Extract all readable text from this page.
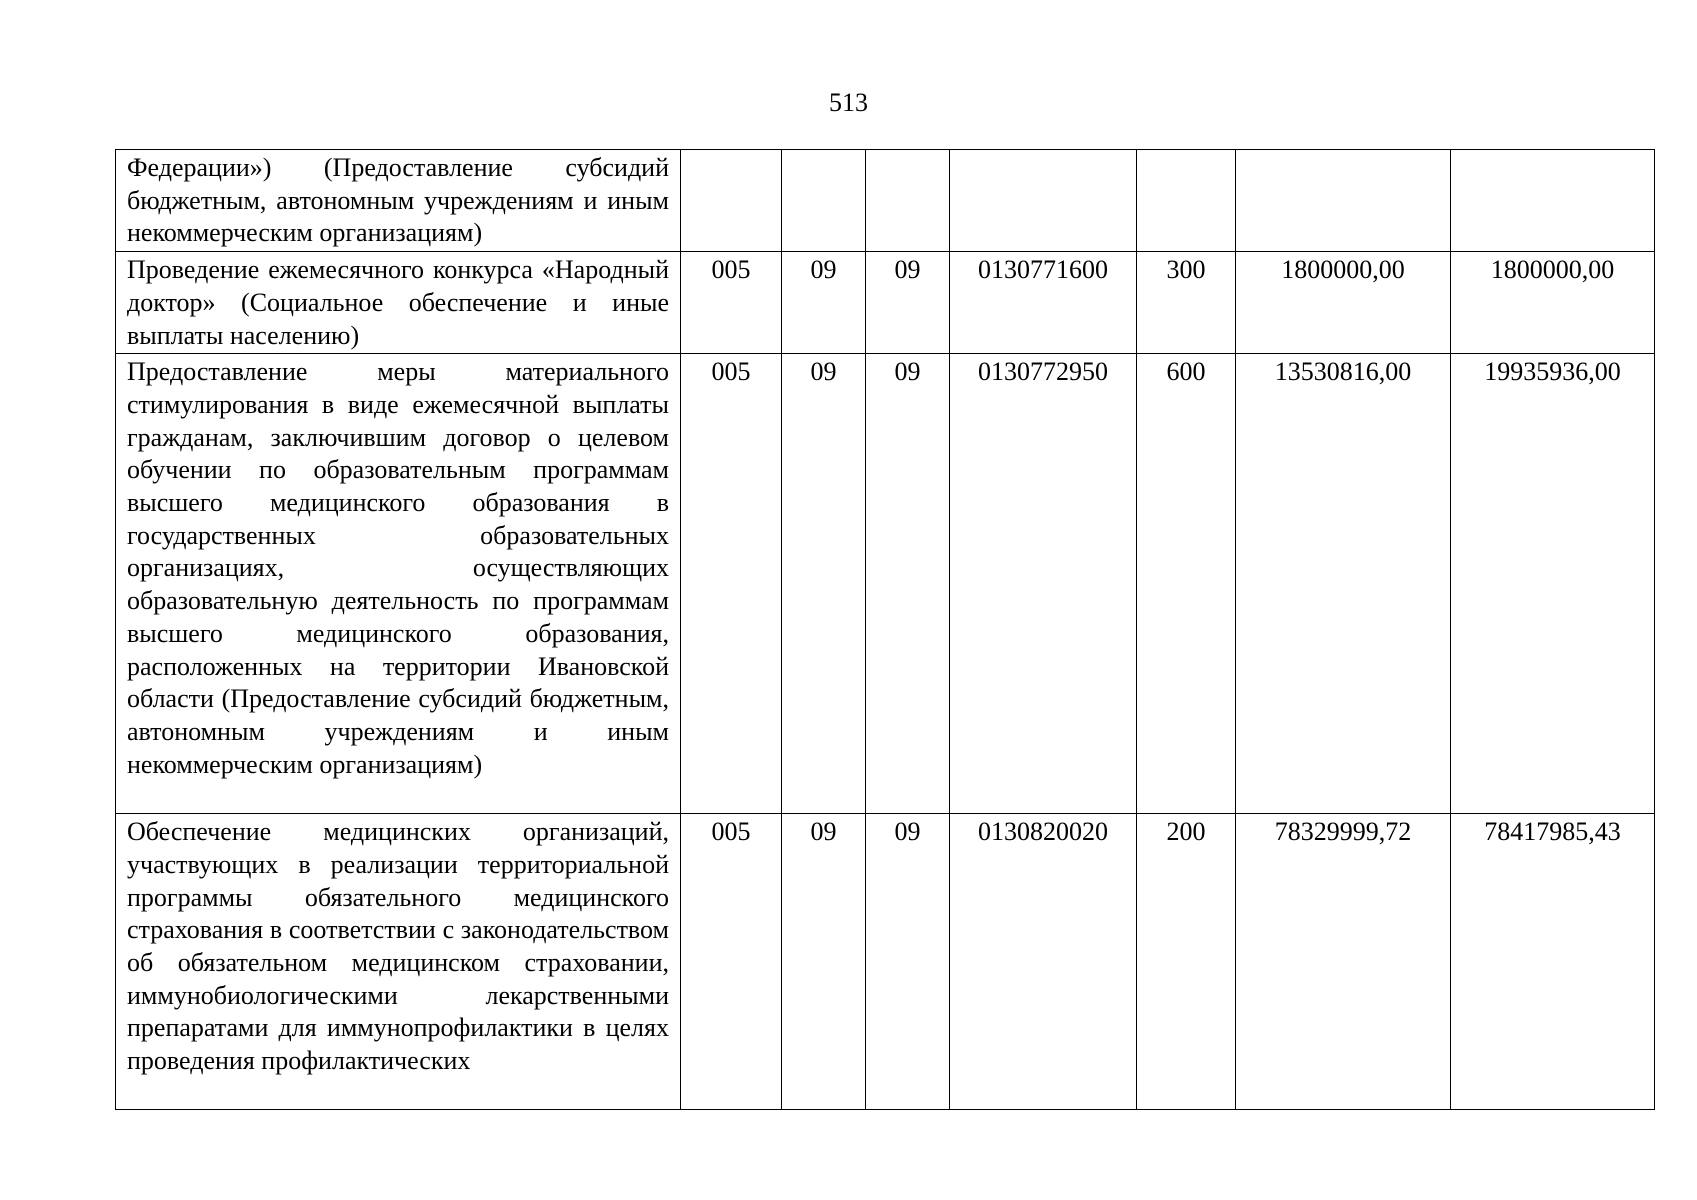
513
Федерации») (Предоставление субсидий бюджетным, автономным учреждениям и иным некоммерческим организациям)							
Проведение ежемесячного конкурса «Народный доктор» (Социальное обеспечение и иные выплаты населению)	005	09	09	0130771600	300	1800000,00	1800000,00
Предоставление меры материального стимулирования в виде ежемесячной выплаты гражданам, заключившим договор о целевом обучении по образовательным программам высшего медицинского образования в государственных образовательных организациях, осуществляющих образовательную деятельность по программам высшего медицинского образования, расположенных на территории Ивановской области (Предоставление субсидий бюджетным, автономным учреждениям и иным некоммерческим организациям)	005	09	09	0130772950	600	13530816,00	19935936,00
Обеспечение медицинских организаций, участвующих в реализации территориальной программы обязательного медицинского страхования в соответствии с законодательством об обязательном медицинском страховании, иммунобиологическими лекарственными препаратами для иммунопрофилактики в целях проведения профилактических	005	09	09	0130820020	200	78329999,72	78417985,43
